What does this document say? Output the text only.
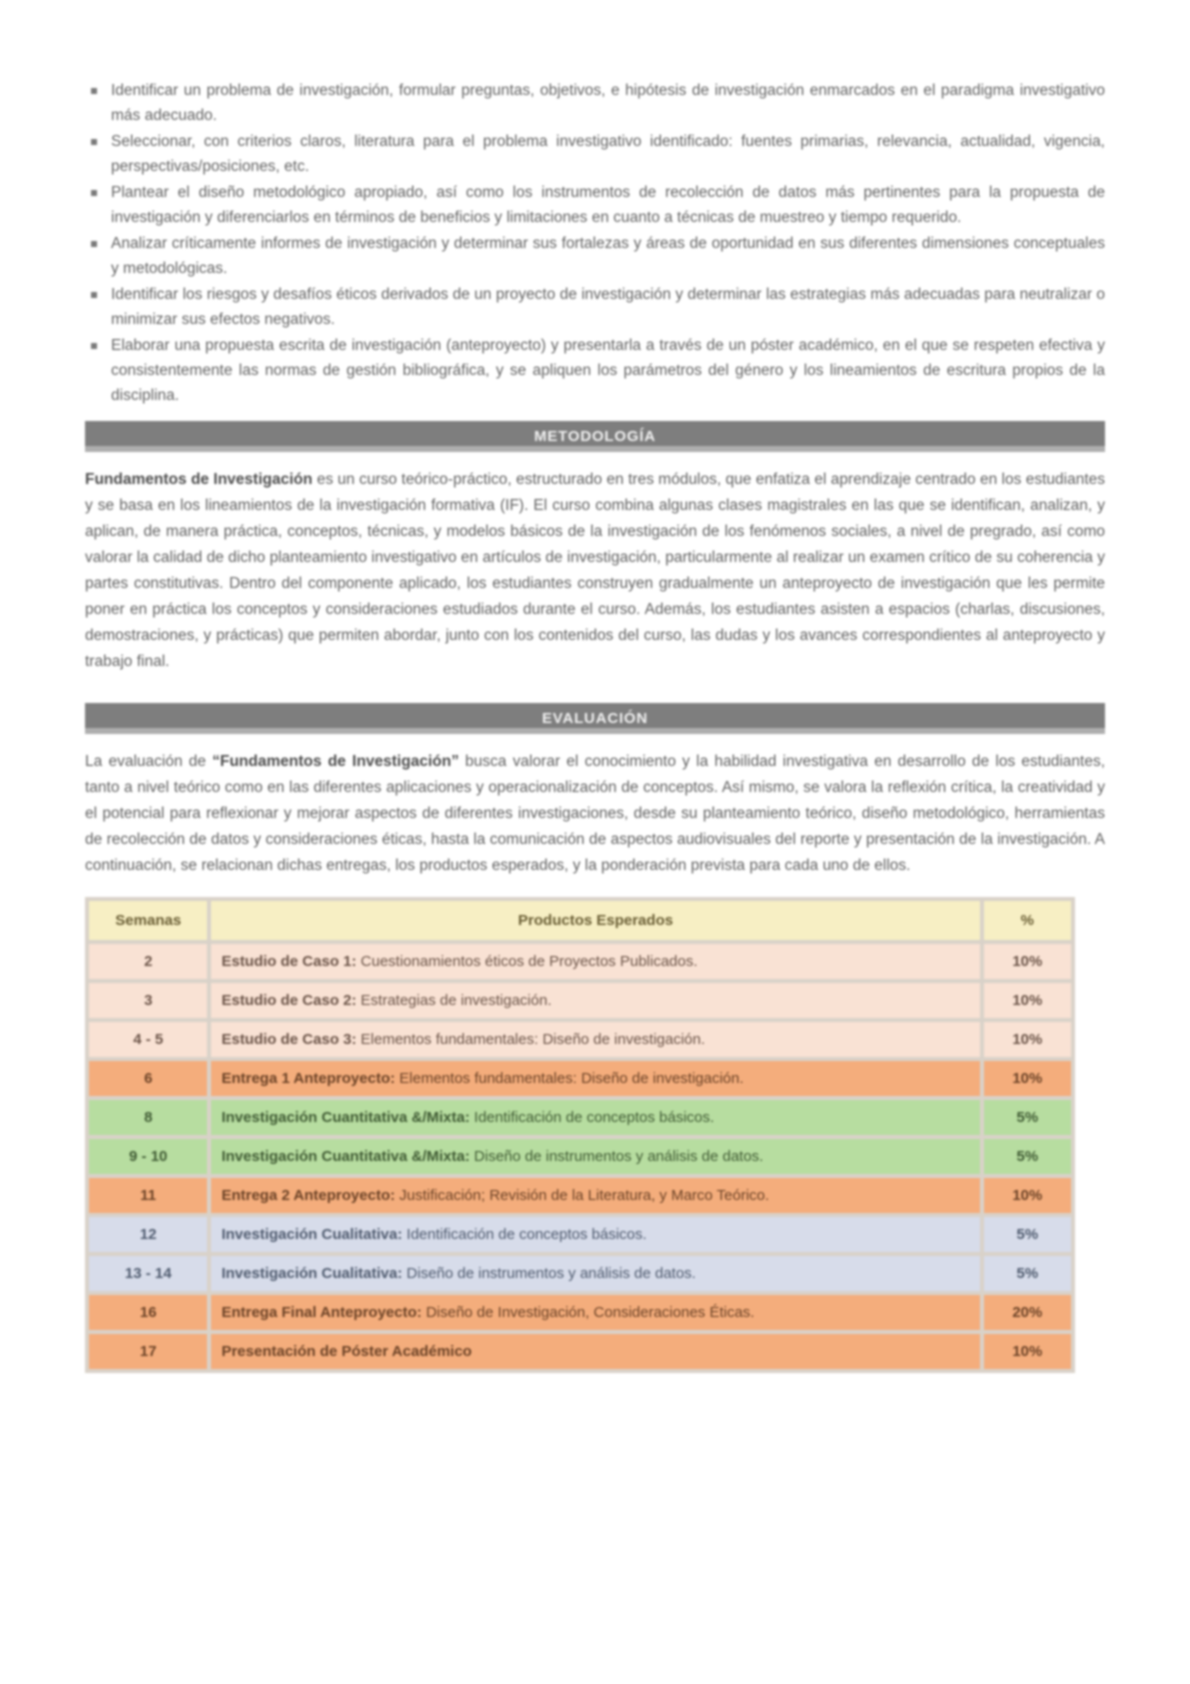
Identificar un problema de investigación, formular preguntas, objetivos, e hipótesis de investigación enmarcados en el paradigma investigativo más adecuado.
Seleccionar, con criterios claros, literatura para el problema investigativo identificado: fuentes primarias, relevancia, actualidad, vigencia, perspectivas/posiciones, etc.
Plantear el diseño metodológico apropiado, así como los instrumentos de recolección de datos más pertinentes para la propuesta de investigación y diferenciarlos en términos de beneficios y limitaciones en cuanto a técnicas de muestreo y tiempo requerido.
Analizar críticamente informes de investigación y determinar sus fortalezas y áreas de oportunidad en sus diferentes dimensiones conceptuales y metodológicas.
Identificar los riesgos y desafíos éticos derivados de un proyecto de investigación y determinar las estrategias más adecuadas para neutralizar o minimizar sus efectos negativos.
Elaborar una propuesta escrita de investigación (anteproyecto) y presentarla a través de un póster académico, en el que se respeten efectiva y consistentemente las normas de gestión bibliográfica, y se apliquen los parámetros del género y los lineamientos de escritura propios de la disciplina.
METODOLOGÍA

Fundamentos de Investigación es un curso teórico-práctico, estructurado en tres módulos, que enfatiza el aprendizaje centrado en los estudiantes y se basa en los lineamientos de la investigación formativa (IF). El curso combina algunas clases magistrales en las que se identifican, analizan, y aplican, de manera práctica, conceptos, técnicas, y modelos básicos de la investigación de los fenómenos sociales, a nivel de pregrado, así como valorar la calidad de dicho planteamiento investigativo en artículos de investigación, particularmente al realizar un examen crítico de su coherencia y partes constitutivas. Dentro del componente aplicado, los estudiantes construyen gradualmente un anteproyecto de investigación que les permite poner en práctica los conceptos y consideraciones estudiados durante el curso. Además, los estudiantes asisten a espacios (charlas, discusiones, demostraciones, y prácticas) que permiten abordar, junto con los contenidos del curso, las dudas y los avances correspondientes al anteproyecto y trabajo final.

EVALUACIÓN

La evaluación de “Fundamentos de Investigación” busca valorar el conocimiento y la habilidad investigativa en desarrollo de los estudiantes, tanto a nivel teórico como en las diferentes aplicaciones y operacionalización de conceptos. Así mismo, se valora la reflexión crítica, la creatividad y el potencial para reflexionar y mejorar aspectos de diferentes investigaciones, desde su planteamiento teórico, diseño metodológico, herramientas de recolección de datos y consideraciones éticas, hasta la comunicación de aspectos audiovisuales del reporte y presentación de la investigación. A continuación, se relacionan dichas entregas, los productos esperados, y la ponderación prevista para cada uno de ellos.

Semanas	Productos Esperados	%
2	Estudio de Caso 1: Cuestionamientos éticos de Proyectos Publicados.	10%
3	Estudio de Caso 2: Estrategias de investigación.	10%
4 - 5	Estudio de Caso 3: Elementos fundamentales: Diseño de investigación.	10%
6	Entrega 1 Anteproyecto: Elementos fundamentales: Diseño de investigación.	10%
8	Investigación Cuantitativa &/Mixta: Identificación de conceptos básicos.	5%
9 - 10	Investigación Cuantitativa &/Mixta: Diseño de instrumentos y análisis de datos.	5%
11	Entrega 2 Anteproyecto: Justificación; Revisión de la Literatura, y Marco Teórico.	10%
12	Investigación Cualitativa: Identificación de conceptos básicos.	5%
13 - 14	Investigación Cualitativa: Diseño de instrumentos y análisis de datos.	5%
16	Entrega Final Anteproyecto: Diseño de Investigación, Consideraciones Éticas.	20%
17	Presentación de Póster Académico	10%
